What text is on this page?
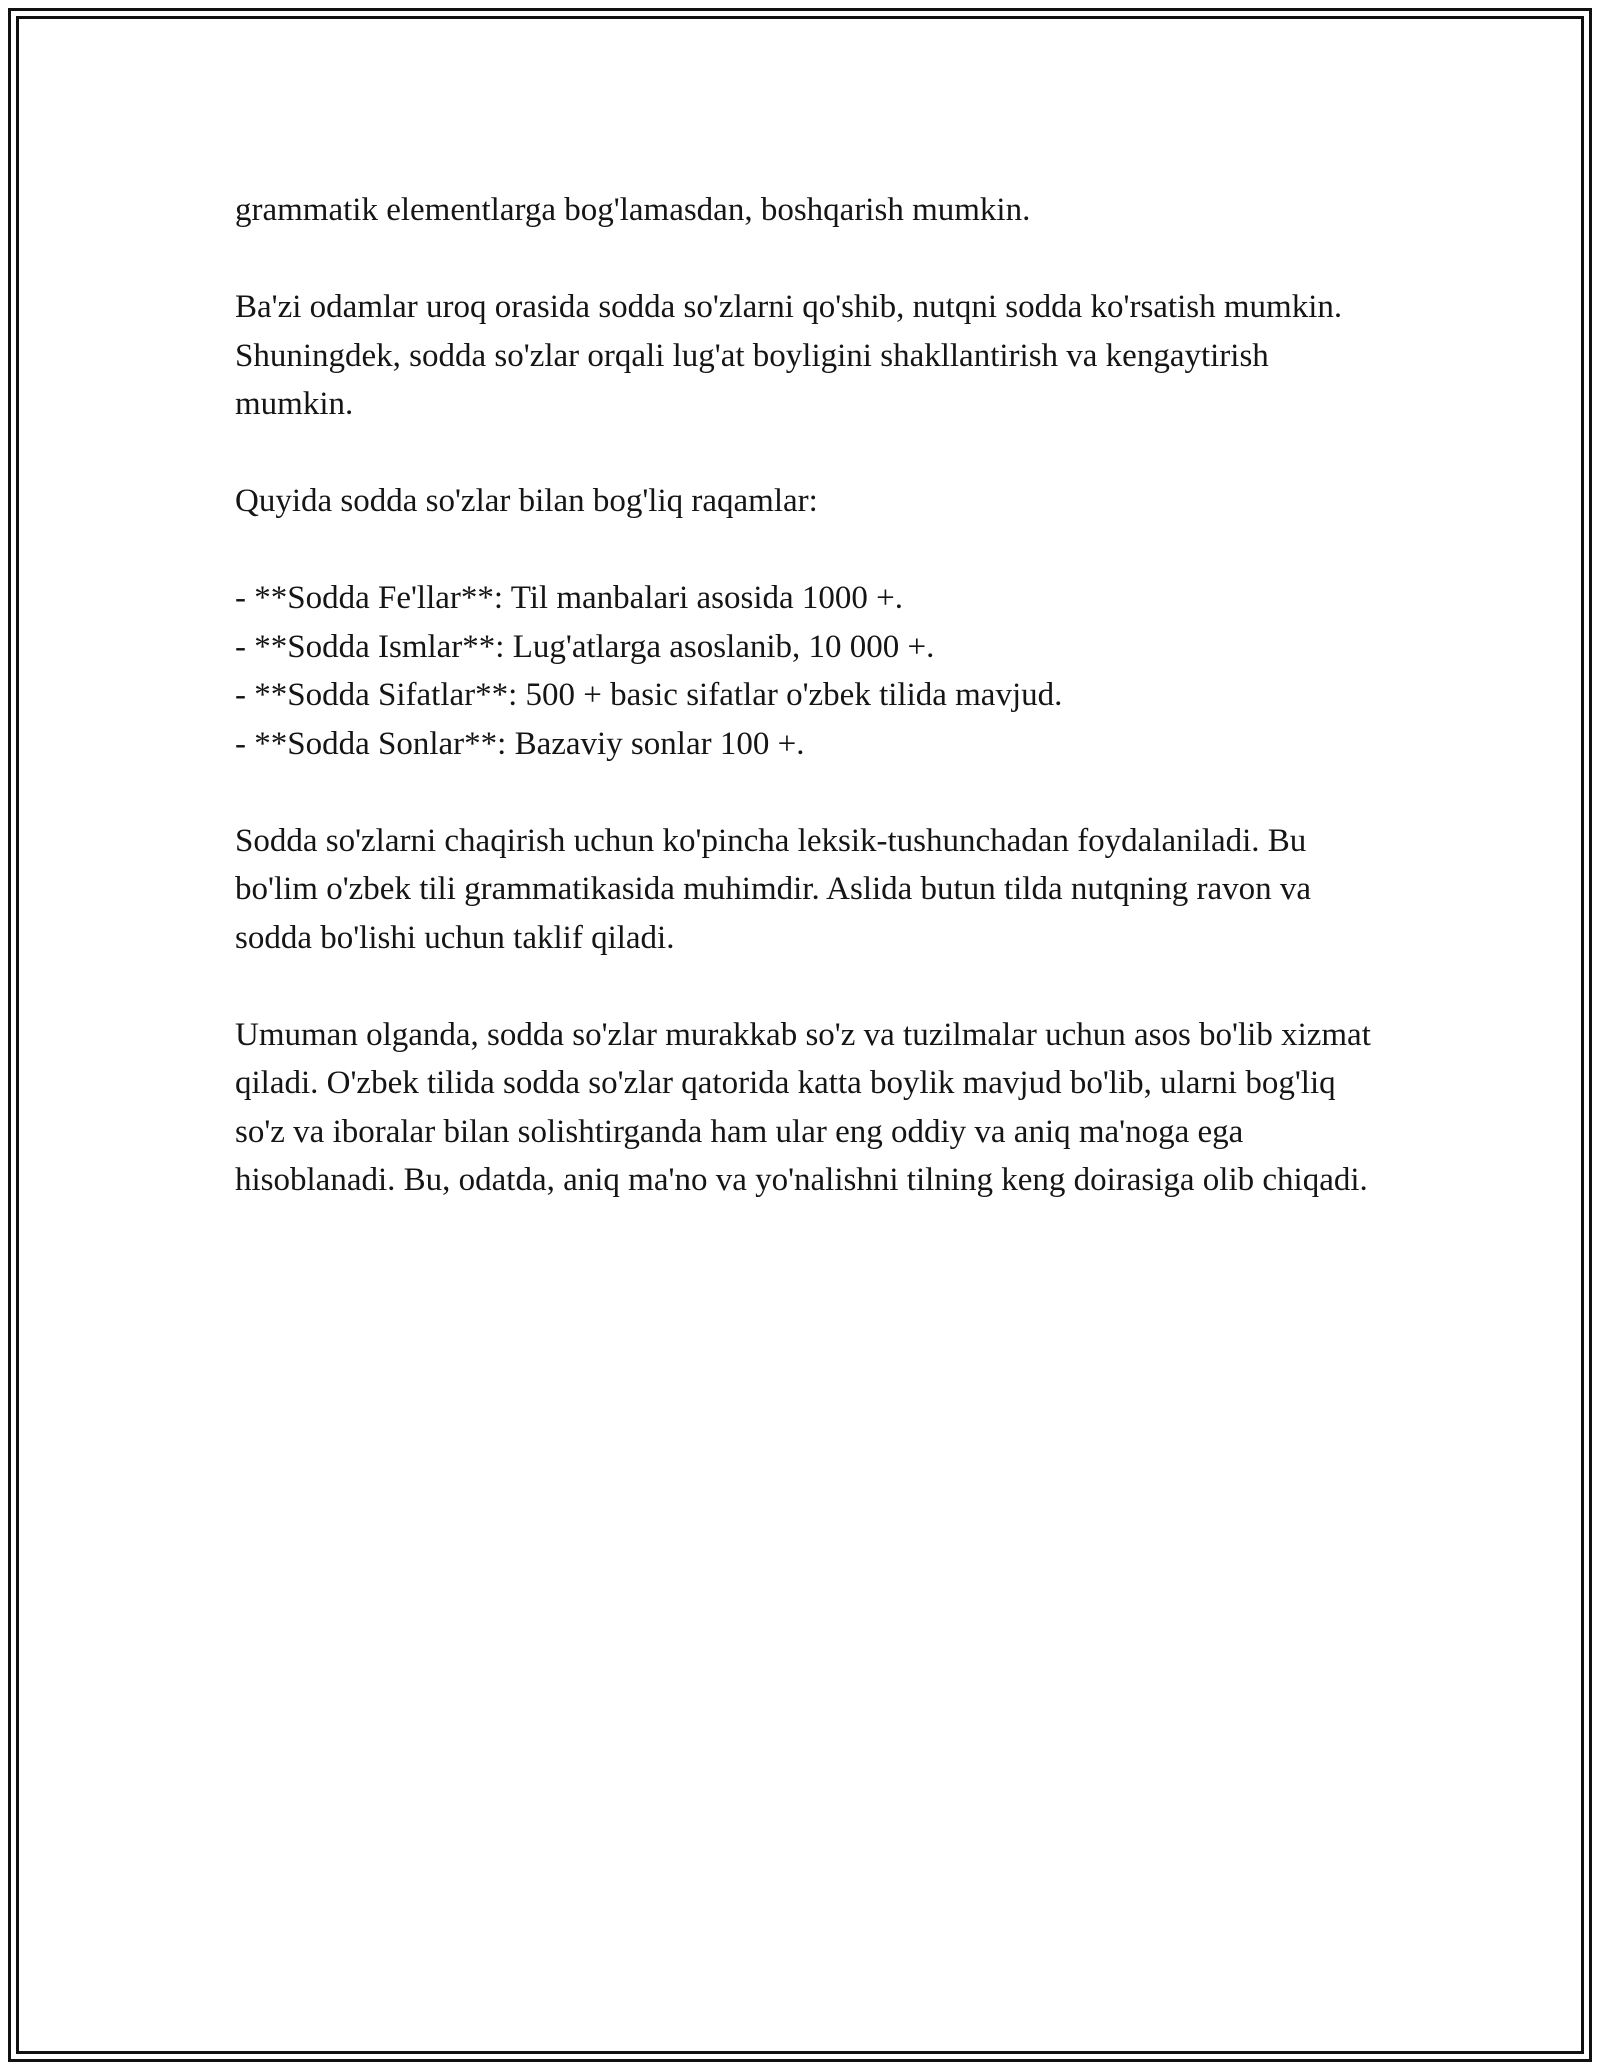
grammatik elementlarga bog'lamasdan, boshqarish mumkin.

Ba'zi odamlar uroq orasida sodda so'zlarni qo'shib, nutqni sodda ko'rsatish mumkin. Shuningdek, sodda so'zlar orqali lug'at boyligini shakllantirish va kengaytirish mumkin.

Quyida sodda so'zlar bilan bog'liq raqamlar:

- **Sodda Fe'llar**: Til manbalari asosida 1000 +.
- **Sodda Ismlar**: Lug'atlarga asoslanib, 10 000 +.
- **Sodda Sifatlar**: 500 + basic sifatlar o'zbek tilida mavjud.
- **Sodda Sonlar**: Bazaviy sonlar 100 +.

Sodda so'zlarni chaqirish uchun ko'pincha leksik-tushunchadan foydalaniladi. Bu bo'lim o'zbek tili grammatikasida muhimdir. Aslida butun tilda nutqning ravon va sodda bo'lishi uchun taklif qiladi.

Umuman olganda, sodda so'zlar murakkab so'z va tuzilmalar uchun asos bo'lib xizmat qiladi. O'zbek tilida sodda so'zlar qatorida katta boylik mavjud bo'lib, ularni bog'liq so'z va iboralar bilan solishtirganda ham ular eng oddiy va aniq ma'noga ega hisoblanadi. Bu, odatda, aniq ma'no va yo'nalishni tilning keng doirasiga olib chiqadi.
